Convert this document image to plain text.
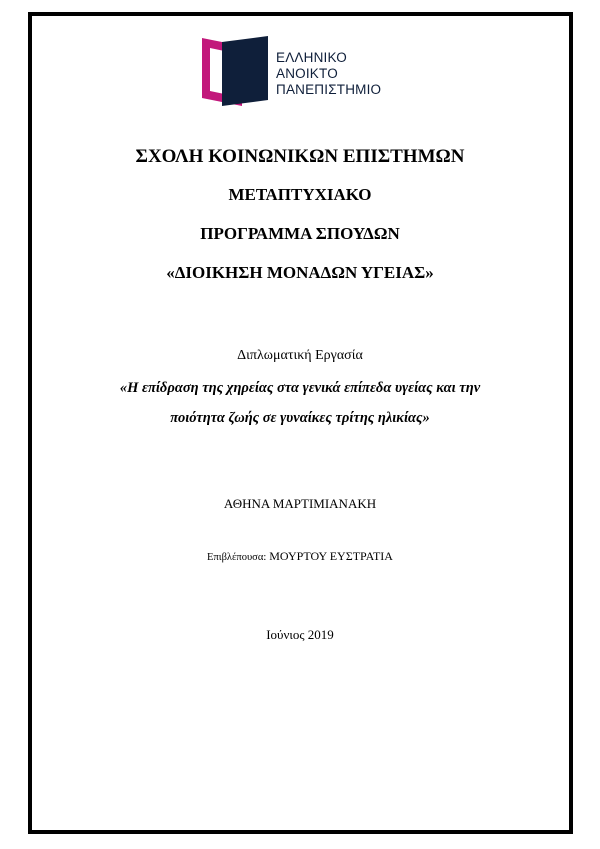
ΕΛΛΗΝΙΚΟ
ΑΝΟΙΚΤΟ
ΠΑΝΕΠΙΣΤΗΜΙΟ
ΣΧΟΛΗ ΚΟΙΝΩΝΙΚΩΝ ΕΠΙΣΤΗΜΩΝ
ΜΕΤΑΠΤΥΧΙΑΚΟ
ΠΡΟΓΡΑΜΜΑ ΣΠΟΥΔΩΝ
«ΔΙΟΙΚΗΣΗ ΜΟΝΑΔΩΝ ΥΓΕΙΑΣ»
Διπλωματική Εργασία
«Η επίδραση της χηρείας στα γενικά επίπεδα υγείας και την
ποιότητα ζωής σε γυναίκες τρίτης ηλικίας»
ΑΘΗΝΑ ΜΑΡΤΙΜΙΑΝΑΚΗ
Επιβλέπουσα: ΜΟΥΡΤΟΥ ΕΥΣΤΡΑΤΙΑ
Ιούνιος 2019
